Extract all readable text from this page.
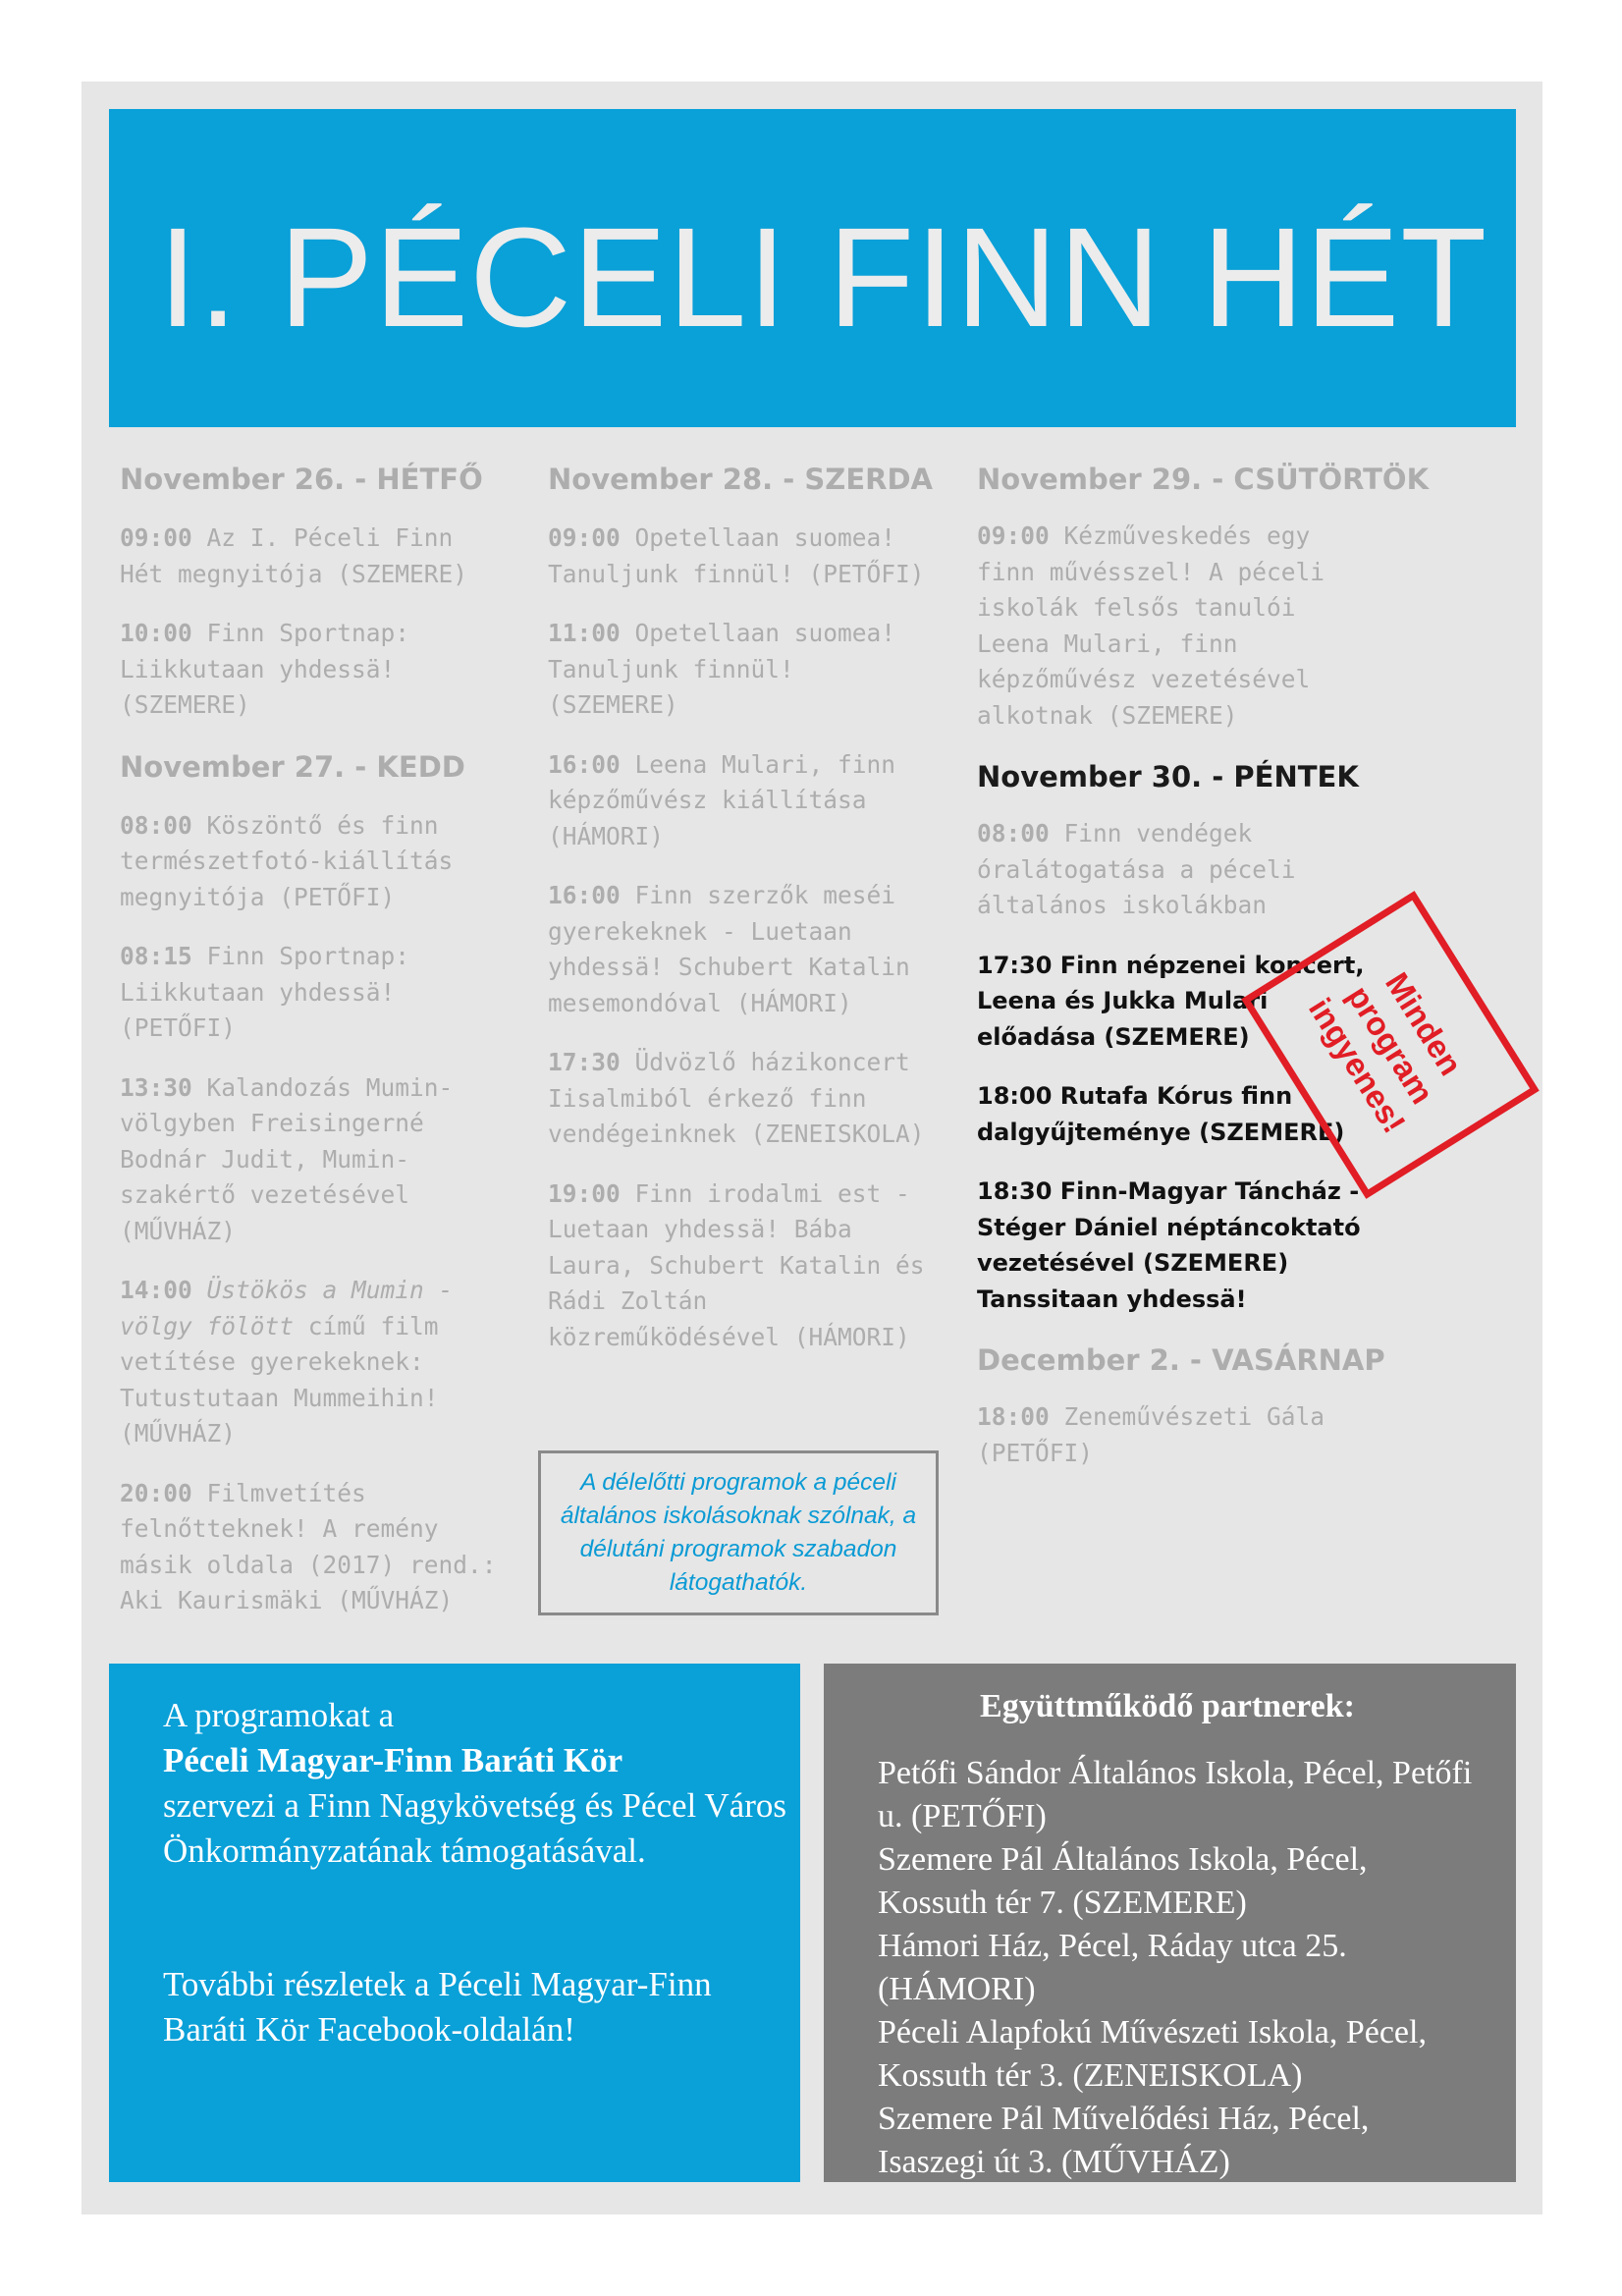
I. PÉCELI FINN HÉT
November 26. - HÉTFŐ
09:00 Az I. Péceli Finn Hét megnyitója (SZEMERE)
10:00 Finn Sportnap: Liikkutaan yhdessä! (SZEMERE)
November 27. - KEDD
08:00 Köszöntő és finn természetfotó-kiállítás megnyitója (PETŐFI)
08:15 Finn Sportnap: Liikkutaan yhdessä! (PETŐFI)
13:30 Kalandozás Mumin-völgyben Freisingerné Bodnár Judit, Mumin-szakértő vezetésével (MŰVHÁZ)
14:00 Üstökös a Mumin - völgy fölött című film vetítése gyerekeknek: Tutustutaan Mummeihin! (MŰVHÁZ)
20:00 Filmvetítés felnőtteknek! A remény másik oldala (2017) rend.: Aki Kaurismäki (MŰVHÁZ)
November 28. - SZERDA
09:00 Opetellaan suomea! Tanuljunk finnül! (PETŐFI)
11:00 Opetellaan suomea! Tanuljunk finnül! (SZEMERE)
16:00 Leena Mulari, finn képzőművész kiállítása (HÁMORI)
16:00 Finn szerzők meséi gyerekeknek - Luetaan yhdessä! Schubert Katalin mesemondóval (HÁMORI)
17:30 Üdvözlő házikoncert Iisalmiból érkező finn vendégeinknek (ZENEISKOLA)
19:00 Finn irodalmi est - Luetaan yhdessä! Bába Laura, Schubert Katalin és Rádi Zoltán közreműködésével (HÁMORI)
November 29. - CSÜTÖRTÖK
09:00 Kézműveskedés egy finn művésszel! A péceli iskolák felsős tanulói Leena Mulari, finn képzőművész vezetésével alkotnak (SZEMERE)
November 30. - PÉNTEK
08:00 Finn vendégek óralátogatása a péceli általános iskolákban
17:30 Finn népzenei koncert, Leena és Jukka Mulari előadása (SZEMERE)
18:00 Rutafa Kórus finn dalgyűjteménye (SZEMERE)
18:30 Finn-Magyar Táncház - Stéger Dániel néptáncoktató vezetésével (SZEMERE) Tanssitaan yhdessä!
December 2. - VASÁRNAP
18:00 Zeneművészeti Gála (PETŐFI)

A délelőtti programok a péceli általános iskolásoknak szólnak, a délutáni programok szabadon látogathatók.

Minden program ingyenes!

A programokat a
Péceli Magyar-Finn Baráti Kör
szervezi a Finn Nagykövetség és Pécel Város Önkormányzatának támogatásával.

További részletek a Péceli Magyar-Finn Baráti Kör Facebook-oldalán!

Együttműködő partnerek:

Petőfi Sándor Általános Iskola, Pécel, Petőfi u. (PETŐFI)

Szemere Pál Általános Iskola, Pécel, Kossuth tér 7. (SZEMERE)

Hámori Ház, Pécel, Ráday utca 25. (HÁMORI)

Péceli Alapfokú Művészeti Iskola, Pécel, Kossuth tér 3. (ZENEISKOLA)

Szemere Pál Művelődési Ház, Pécel, Isaszegi út 3. (MŰVHÁZ)
